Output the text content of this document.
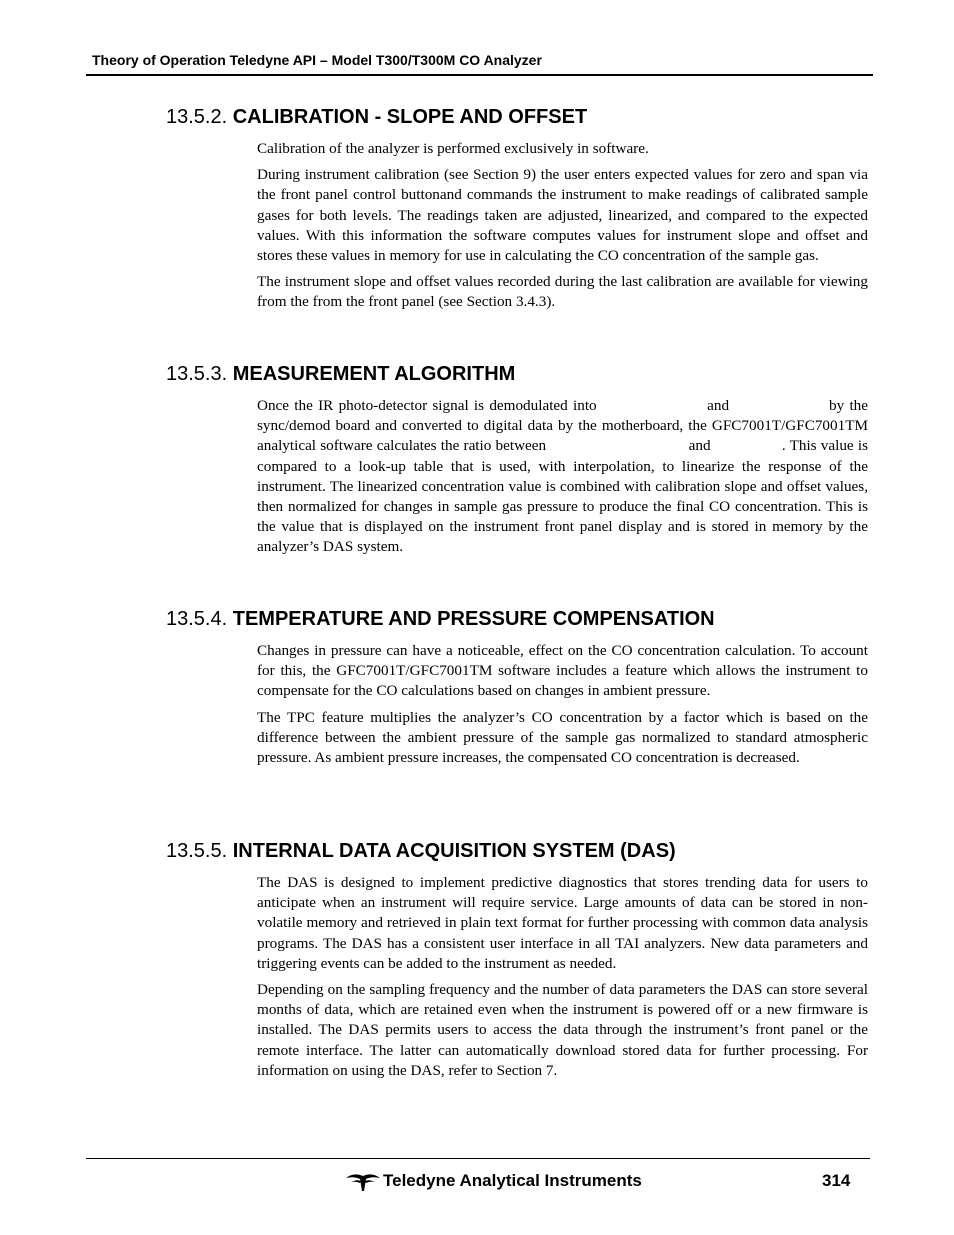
Theory of Operation Teledyne API – Model T300/T300M CO Analyzer
13.5.2. CALIBRATION - SLOPE AND OFFSET

Calibration of the analyzer is performed exclusively in software.

During instrument calibration (see Section 9) the user enters expected values for zero and span via the front panel control buttonand commands the instrument to make readings of calibrated sample gases for both levels. The readings taken are adjusted, linearized, and compared to the expected values. With this information the software computes values for instrument slope and offset and stores these values in memory for use in calculating the CO concentration of the sample gas.

The instrument slope and offset values recorded during the last calibration are available for viewing from the from the front panel (see Section 3.4.3).

13.5.3. MEASUREMENT ALGORITHM

Once the IR photo-detector signal is demodulated into                     and                   by the sync/demod board and converted to digital data by the motherboard, the GFC7001T/GFC7001TM analytical software calculates the ratio between                                  and                 . This value is compared to a look-up table that is used, with interpolation, to linearize the response of the instrument. The linearized concentration value is combined with calibration slope and offset values, then normalized for changes in sample gas pressure to produce the final CO concentration. This is the value that is displayed on the instrument front panel display and is stored in memory by the analyzer’s DAS system.

13.5.4. TEMPERATURE AND PRESSURE COMPENSATION

Changes in pressure can have a noticeable, effect on the CO concentration calculation. To account for this, the GFC7001T/GFC7001TM software includes a feature which allows the instrument to compensate for the CO calculations based on changes in ambient pressure.

The TPC feature multiplies the analyzer’s CO concentration by a factor which is based on the difference between the ambient pressure of the sample gas normalized to standard atmospheric pressure. As ambient pressure increases, the compensated CO concentration is decreased.

13.5.5. INTERNAL DATA ACQUISITION SYSTEM (DAS)

The DAS is designed to implement predictive diagnostics that stores trending data for users to anticipate when an instrument will require service. Large amounts of data can be stored in non-volatile memory and retrieved in plain text format for further processing with common data analysis programs. The DAS has a consistent user interface in all TAI analyzers. New data parameters and triggering events can be added to the instrument as needed.

Depending on the sampling frequency and the number of data parameters the DAS can store several months of data, which are retained even when the instrument is powered off or a new firmware is installed. The DAS permits users to access the data through the instrument’s front panel or the remote interface. The latter can automatically download stored data for further processing. For information on using the DAS, refer to Section 7.

Teledyne Analytical Instruments	314
